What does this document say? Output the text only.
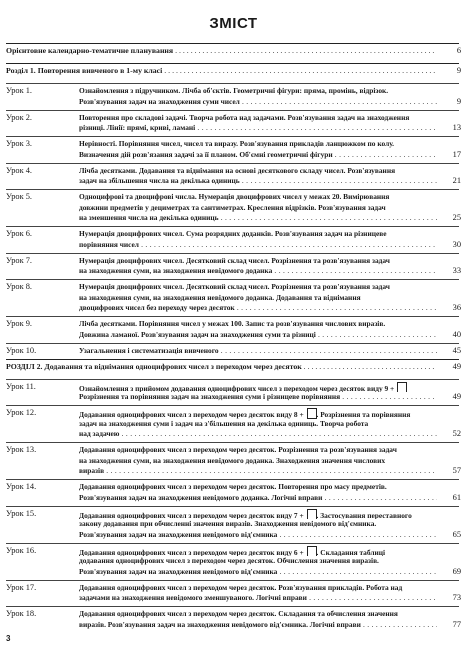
ЗМІСТ
Орієнтовне календарно-тематичне планування . . .	6
Розділ 1. Повторення вивченого в 1-му класі . . .	9
Урок 1.	Ознайомлення з підручником. Лічба об'єктів. Геометричні фігури: пряма, промінь, відрізок.
Розв'язування задач на знаходження суми чисел . . .	9
Урок 2.	Повторення про складові задачі. Творча робота над задачами. Розв'язування задач на знаходження
різниці. Лінії: прямі, криві, ламані . . .	13
Урок 3.	Нерівності. Порівняння чисел, чисел та виразу. Розв'язування прикладів ланцюжком по колу.
Визначення дій розв'язання задачі за її планом. Об'ємні геометричні фігури . . .	17
Урок 4.	Лічба десятками. Додавання та віднімання на основі десяткового складу чисел. Розв'язування
задач на збільшення числа на декілька одиниць . . .	21
Урок 5.	Одноцифрові та двоцифрові числа. Нумерація двоцифрових чисел у межах 20. Вимірювання
довжини предметів у дециметрах та сантиметрах. Креслення відрізків. Розв'язування задач
на зменшення числа на декілька одиниць . . .	25
Урок 6.	Нумерація двоцифрових чисел. Сума розрядних доданків. Розв'язування задач на різницеве
порівняння чисел . . .	30
Урок 7.	Нумерація двоцифрових чисел. Десятковий склад чисел. Розрізнення та розв'язування задач
на знаходження суми, на знаходження невідомого доданка . . .	33
Урок 8.	Нумерація двоцифрових чисел. Десятковий склад чисел. Розрізнення та розв'язування задач
на знаходження суми, на знаходження невідомого доданка. Додавання та віднімання
двоцифрових чисел без переходу через десяток . . .	36
Урок 9.	Лічба десятками. Порівняння чисел у межах 100. Запис та розв'язування числових виразів.
Довжина ламаної. Розв'язування задач на знаходження суми та різниці . . .	40
Урок 10.	Узагальнення і систематизація вивченого . . .	45
РОЗДІЛ 2. Додавання та віднімання одноцифрових чисел з переходом через десяток . . .	49
Урок 11.	Ознайомлення з прийомом додавання одноцифрових чисел з переходом через десяток виду 9 +
Розрізнення та порівняння задач на знаходження суми і різницеве порівняння . . .	49
Урок 12.	Додавання одноцифрових чисел з переходом через десяток виду 8 + . Розрізнення та порівняння
задач на знаходження суми і задач на з'більшення на декілька одиниць. Творча робота
над задачею . . .	52
Урок 13.	Додавання одноцифрових чисел з переходом через десяток. Розрізнення та розв'язування задач
на знаходження суми, на знаходження невідомого доданка. Знаходження значення числових
виразів . . .	57
Урок 14.	Додавання одноцифрових чисел з переходом через десяток. Повторення про масу предметів.
Розв'язування задач на знаходження невідомого доданка. Логічні вправи . . .	61
Урок 15.	Додавання одноцифрових чисел з переходом через десяток виду 7 + . Застосування переставного
закону додавання при обчисленні значення виразів. Знаходження невідомого від'ємника.
Розв'язування задач на знаходження невідомого від'ємника . . .	65
Урок 16.	Додавання одноцифрових чисел з переходом через десяток виду 6 + . Складання таблиці
додавання одноцифрових чисел з переходом через десяток. Обчислення значення виразів.
Розв'язування задач на знаходження невідомого від'ємника . . .	69
Урок 17.	Додавання одноцифрових чисел з переходом через десяток. Розв'язування прикладів. Робота над
задачами на знаходження невідомого зменшуваного. Логічні вправи . . .	73
Урок 18.	Додавання одноцифрових чисел з переходом через десяток. Складання та обчислення значення
виразів. Розв'язування задач на знаходження невідомого від'ємника. Логічні вправи . . .	77
3
